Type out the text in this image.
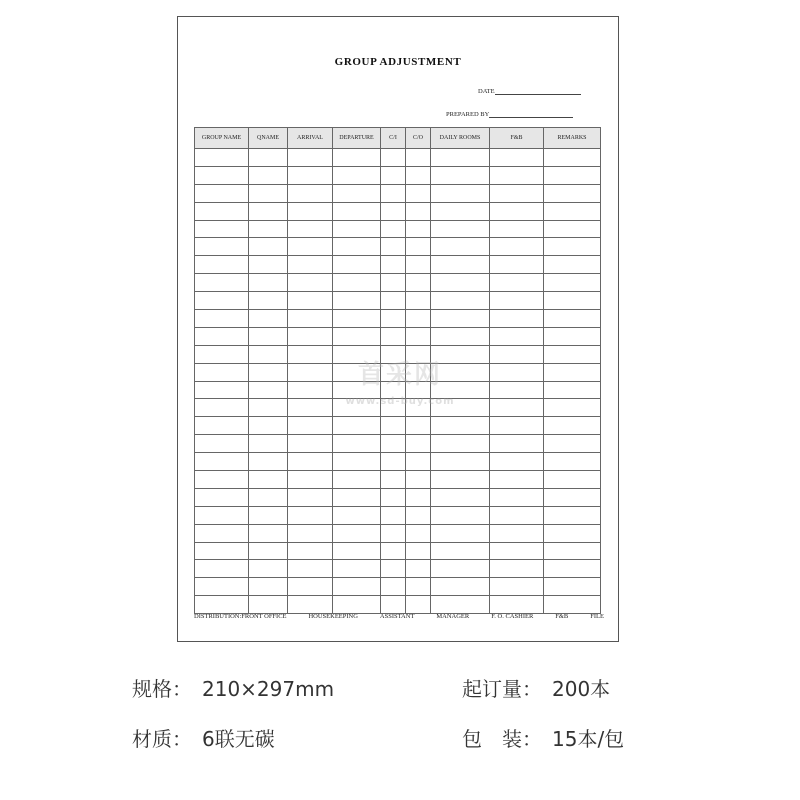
GROUP ADJUSTMENT
DATE
PREPARED BY
GROUP NAME	QNAME	ARRIVAL	DEPARTURE	C/I	C/O	DAILY ROOMS	F&B	REMARKS

DISTRIBUTION:FRONT OFFICE	HOUSEKEEPING	ASSISTANT	MANAGER	F. O. CASHIER	F&B	FILE
首采网
www.sd-buy.com
规格： 210×297mm	起订量： 200本
材质： 6联无碳	包　装： 15本/包
